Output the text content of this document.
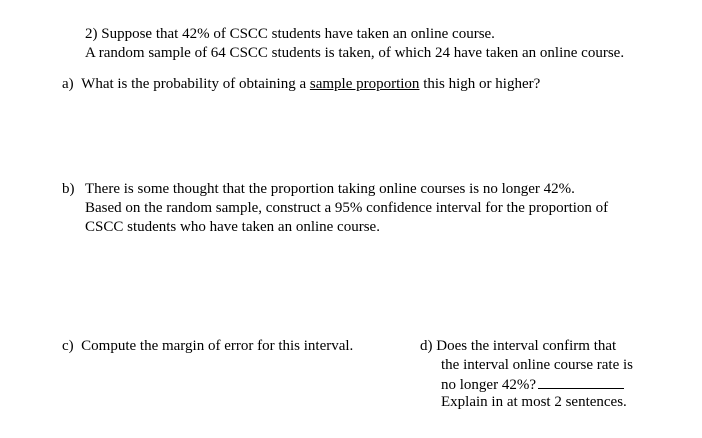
2) Suppose that 42% of CSCC students have taken an online course.
A random sample of 64 CSCC students is taken, of which 24 have taken an online course.
a) What is the probability of obtaining a sample proportion this high or higher?
b) There is some thought that the proportion taking online courses is no longer 42%.
Based on the random sample, construct a 95% confidence interval for the proportion of
CSCC students who have taken an online course.
c) Compute the margin of error for this interval.	d) Does the interval confirm that
the interval online course rate is
no longer 42%?
Explain in at most 2 sentences.
